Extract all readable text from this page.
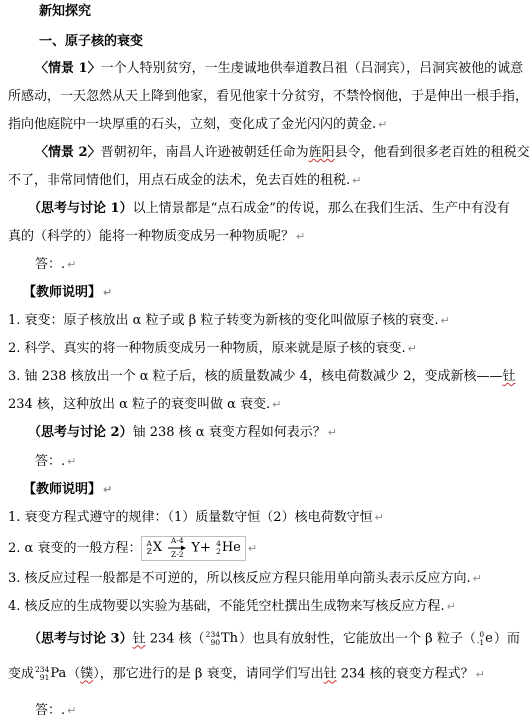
新知探究
一、原子核的衰变
〈情景 1〉一个人特别贫穷，一生虔诚地供奉道教吕祖（吕洞宾），吕洞宾被他的诚意
所感动，一天忽然从天上降到他家，看见他家十分贫穷，不禁怜悯他，于是伸出一根手指，
指向他庭院中一块厚重的石头，立刻，变化成了金光闪闪的黄金. ↵
〈情景 2〉晋朝初年，南昌人许逊被朝廷任命为旌阳县令，他看到很多老百姓的租税交
不了，非常同情他们，用点石成金的法术，免去百姓的租税. ↵
（思考与讨论 1）以上情景都是“点石成金”的传说，那么在我们生活、生产中有没有
真的（科学的）能将一种物质变成另一种物质呢？ ↵
答：. ↵
【教师说明】 ↵
1. 衰变：原子核放出 α 粒子或 β 粒子转变为新核的变化叫做原子核的衰变. ↵
2. 科学、真实的将一种物质变成另一种物质，原来就是原子核的衰变. ↵
3. 铀 238 核放出一个 α 粒子后，核的质量数减少 4，核电荷数减少 2，变成新核——钍
234 核，这种放出 α 粒子的衰变叫做 α 衰变. ↵
（思考与讨论 2）铀 238 核 α 衰变方程如何表示？ ↵
答：. ↵
【教师说明】 ↵
1. 衰变方程式遵守的规律：（1）质量数守恒（2）核电荷数守恒 ↵
2. α 衰变的一般方程： A
Z X
A-4
Z-2 Y+ 4
2 He ↵
3. 核反应过程一般都是不可逆的，所以核反应方程只能用单向箭头表示反应方向. ↵
4. 核反应的生成物要以实验为基础，不能凭空杜撰出生成物来写核反应方程. ↵
（思考与讨论 3）钍 234 核（ 234
90 Th ）也具有放射性，它能放出一个 β 粒子（ 0
-1 e ）而
变成 234
91 Pa （镤），那它进行的是 β 衰变，请同学们写出钍 234 核的衰变方程式？ ↵
答：. ↵
